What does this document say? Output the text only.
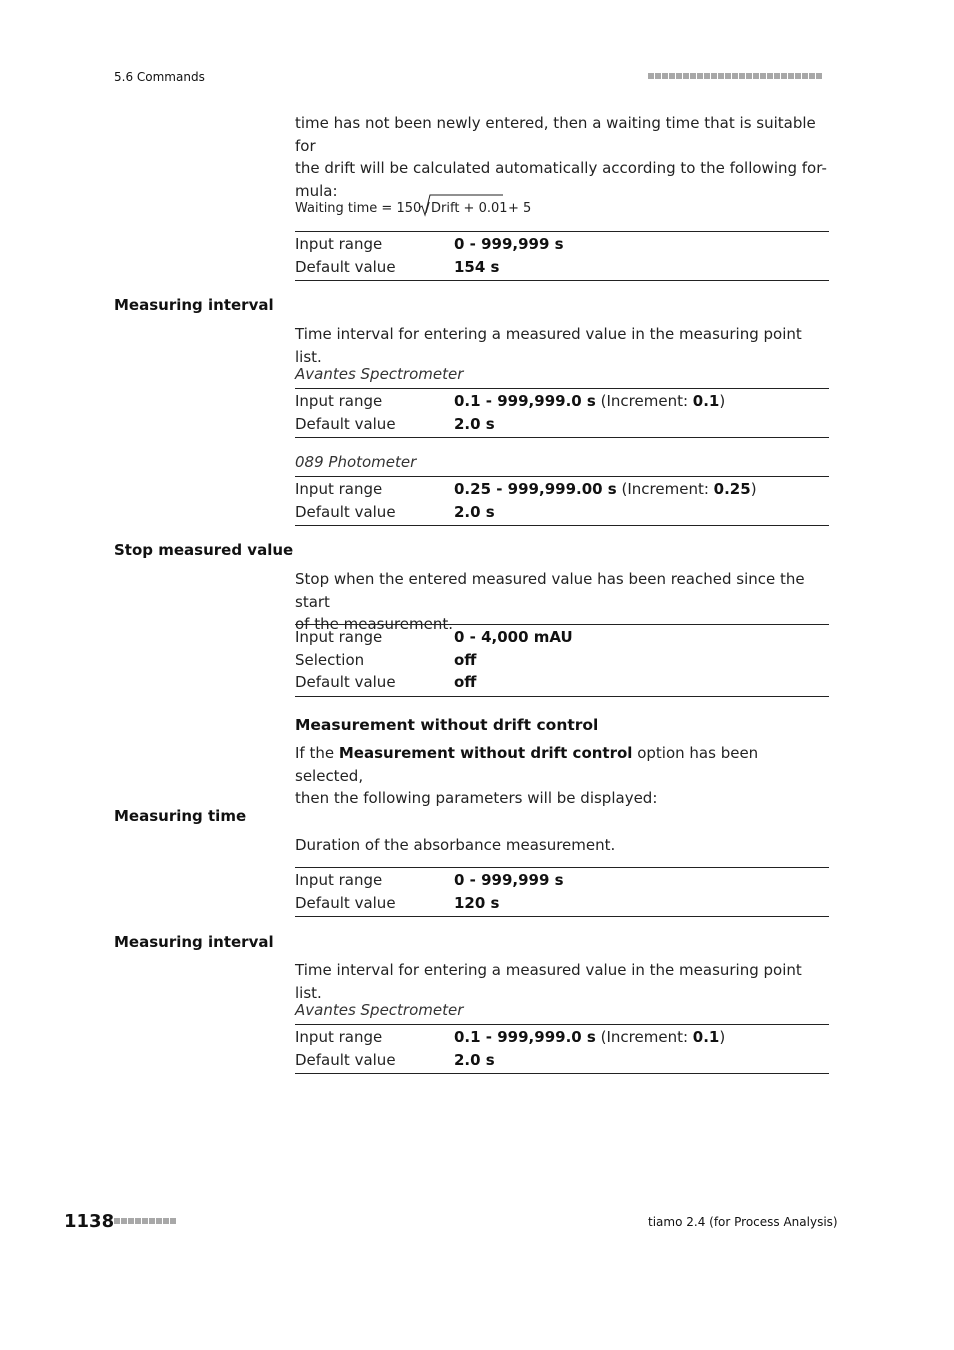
5.6 Commands
time has not been newly entered, then a waiting time that is suitable for
the drift will be calculated automatically according to the following for-
mula:
Waiting time = 150 / Drift + 0.01 + 5
Input range	0 - 999,999 s
Default value	154 s
Measuring interval
Time interval for entering a measured value in the measuring point list.
Avantes Spectrometer
Input range	0.1 - 999,999.0 s (Increment: 0.1)
Default value	2.0 s
089 Photometer
Input range	0.25 - 999,999.00 s (Increment: 0.25)
Default value	2.0 s
Stop measured value
Stop when the entered measured value has been reached since the start
of the measurement.
Input range	0 - 4,000 mAU
Selection	off
Default value	off
Measurement without drift control
If the Measurement without drift control option has been selected,
then the following parameters will be displayed:
Measuring time
Duration of the absorbance measurement.
Input range	0 - 999,999 s
Default value	120 s
Measuring interval
Time interval for entering a measured value in the measuring point list.
Avantes Spectrometer
Input range	0.1 - 999,999.0 s (Increment: 0.1)
Default value	2.0 s
1138	tiamo 2.4 (for Process Analysis)
